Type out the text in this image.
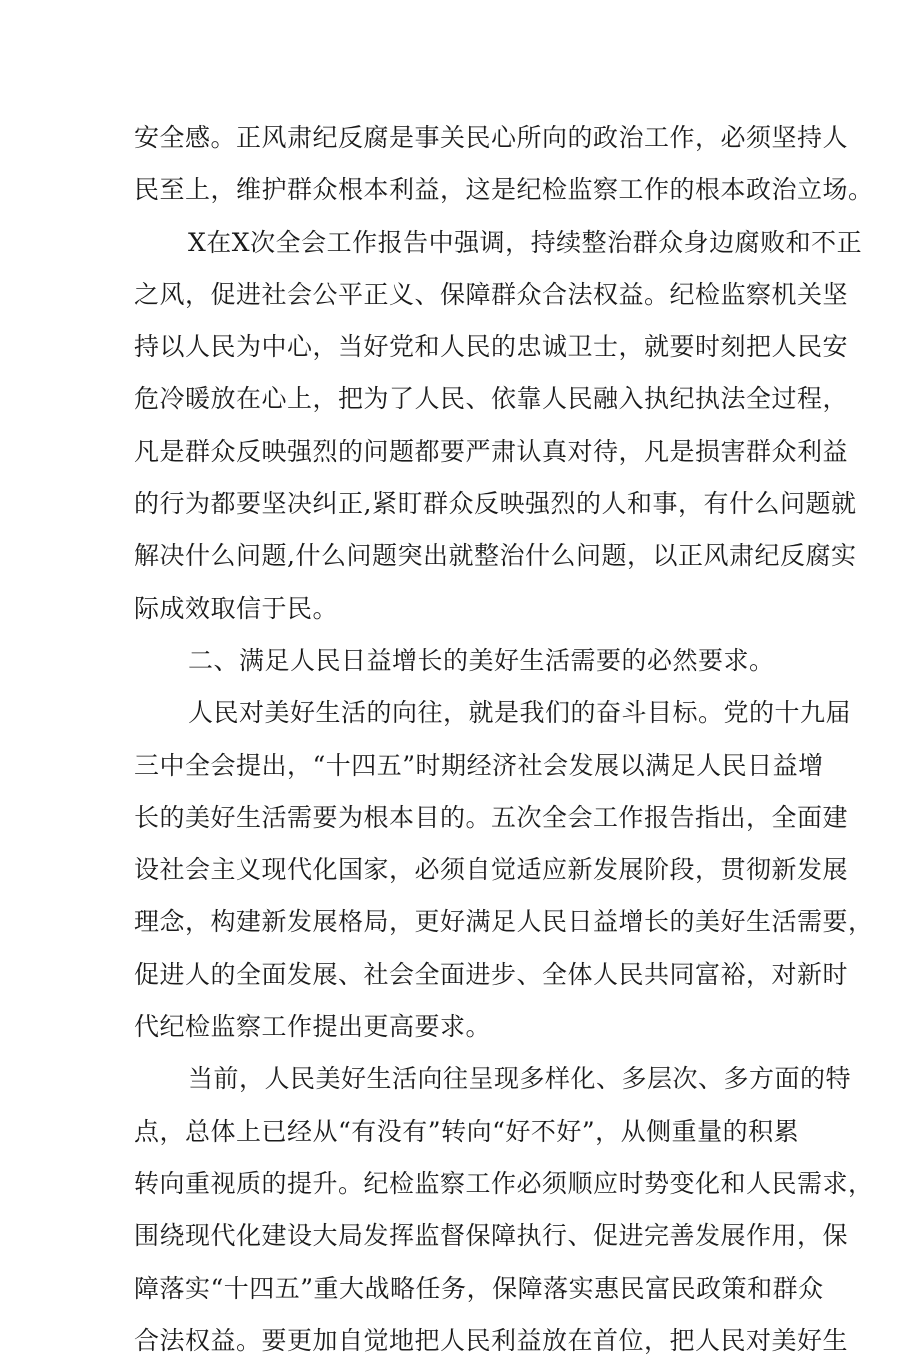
安全感。正风肃纪反腐是事关民心所向的政治工作，必须坚持人
民至上，维护群众根本利益，这是纪检监察工作的根本政治立场。
X在X次全会工作报告中强调，持续整治群众身边腐败和不正
之风，促进社会公平正义、保障群众合法权益。纪检监察机关坚
持以人民为中心，当好党和人民的忠诚卫士，就要时刻把人民安
危冷暖放在心上，把为了人民、依靠人民融入执纪执法全过程，
凡是群众反映强烈的问题都要严肃认真对待，凡是损害群众利益
的行为都要坚决纠正,紧盯群众反映强烈的人和事，有什么问题就
解决什么问题,什么问题突出就整治什么问题，以正风肃纪反腐实
际成效取信于民。
二、满足人民日益增长的美好生活需要的必然要求。
人民对美好生活的向往，就是我们的奋斗目标。党的十九届
三中全会提出，“十四五”时期经济社会发展以满足人民日益增
长的美好生活需要为根本目的。五次全会工作报告指出，全面建
设社会主义现代化国家，必须自觉适应新发展阶段，贯彻新发展
理念，构建新发展格局，更好满足人民日益增长的美好生活需要，
促进人的全面发展、社会全面进步、全体人民共同富裕，对新时
代纪检监察工作提出更高要求。
当前，人民美好生活向往呈现多样化、多层次、多方面的特
点，总体上已经从“有没有”转向“好不好”，从侧重量的积累
转向重视质的提升。纪检监察工作必须顺应时势变化和人民需求，
围绕现代化建设大局发挥监督保障执行、促进完善发展作用，保
障落实“十四五”重大战略任务，保障落实惠民富民政策和群众
合法权益。要更加自觉地把人民利益放在首位，把人民对美好生
